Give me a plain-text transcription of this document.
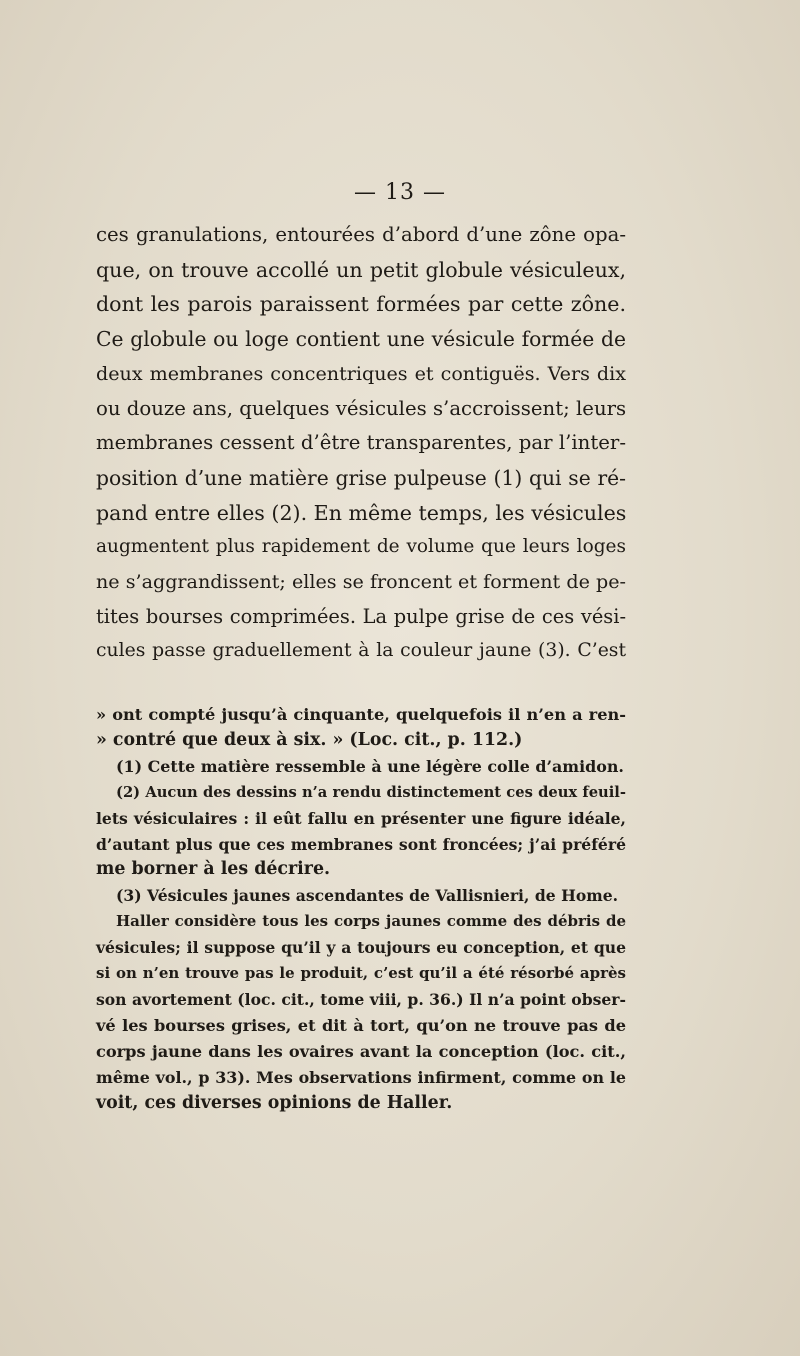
— 13 —
ces granulations, entourées d’abord d’une zône opa-
que, on trouve accollé un petit globule vésiculeux,
dont les parois paraissent formées par cette zône.
Ce globule ou loge contient une vésicule formée de
deux membranes concentriques et contiguës. Vers dix
ou douze ans, quelques vésicules s’accroissent; leurs
membranes cessent d’être transparentes, par l’inter-
position d’une matière grise pulpeuse (1) qui se ré-
pand entre elles (2). En même temps, les vésicules
augmentent plus rapidement de volume que leurs loges
ne s’aggrandissent; elles se froncent et forment de pe-
tites bourses comprimées. La pulpe grise de ces vési-
cules passe graduellement à la couleur jaune (3). C’est
» ont compté jusqu’à cinquante, quelquefois il n’en a ren-
» contré que deux à six. » (Loc. cit., p. 112.)
(1) Cette matière ressemble à une légère colle d’amidon.
(2) Aucun des dessins n’a rendu distinctement ces deux feuil-
lets vésiculaires : il eût fallu en présenter une figure idéale,
d’autant plus que ces membranes sont froncées; j’ai préféré
me borner à les décrire.
(3) Vésicules jaunes ascendantes de Vallisnieri, de Home.
Haller considère tous les corps jaunes comme des débris de
vésicules; il suppose qu’il y a toujours eu conception, et que
si on n’en trouve pas le produit, c’est qu’il a été résorbé après
son avortement (loc. cit., tome viii, p. 36.) Il n’a point obser-
vé les bourses grises, et dit à tort, qu’on ne trouve pas de
corps jaune dans les ovaires avant la conception (loc. cit.,
même vol., p 33). Mes observations infirment, comme on le
voit, ces diverses opinions de Haller.
